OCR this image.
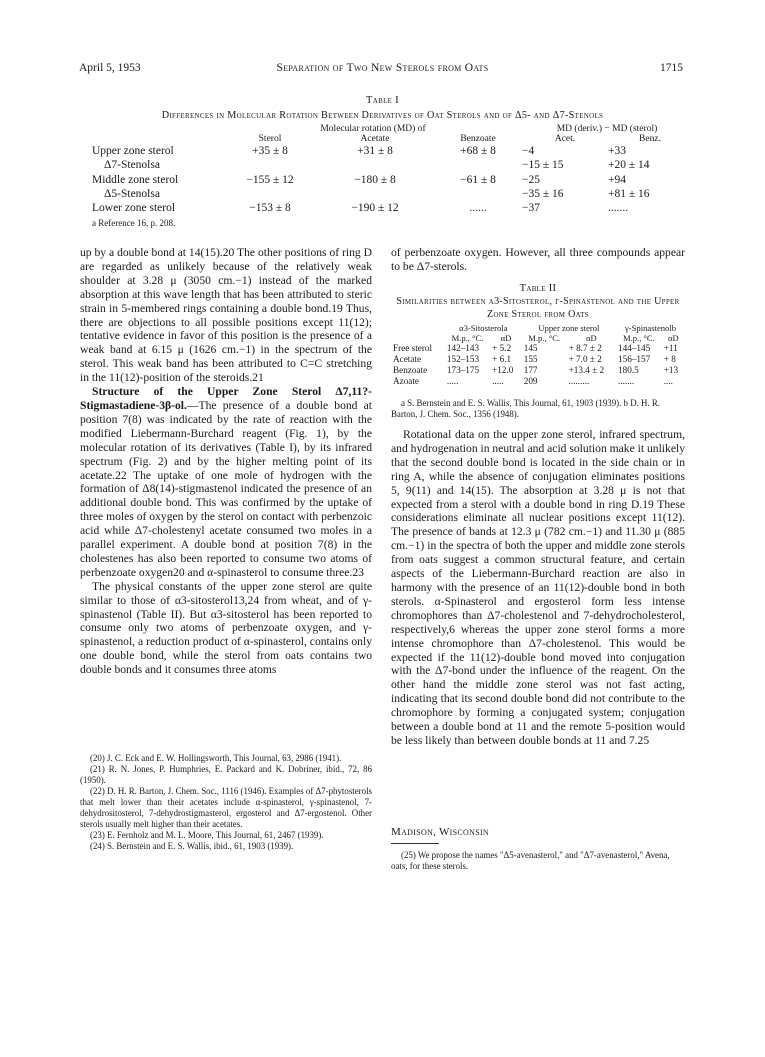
April 5, 1953	Separation of Two New Sterols from Oats	1715
Table I
Differences in Molecular Rotation Between Derivatives of Oat Sterols and of Δ5- and Δ7-Stenols
	Molecular rotation (MD) of			MD (deriv.) − MD (sterol)	
	Sterol	Acetate	Benzoate	Acet.	Benz.
Upper zone sterol	+35 ± 8	+31 ± 8	+68 ± 8	−4	+33
Δ7-Stenolsa				−15 ± 15	+20 ± 14
Middle zone sterol	−155 ± 12	−180 ± 8	−61 ± 8	−25	+94
Δ5-Stenolsa				−35 ± 16	+81 ± 16
Lower zone sterol	−153 ± 8	−190 ± 12	......	−37	.......
a Reference 16, p. 208.					

up by a double bond at 14(15).20 The other positions of ring D are regarded as unlikely because of the relatively weak shoulder at 3.28 μ (3050 cm.−1) instead of the marked absorption at this wave length that has been attributed to steric strain in 5-membered rings containing a double bond.19 Thus, there are objections to all possible positions except 11(12); tentative evidence in favor of this position is the presence of a weak band at 6.15 μ (1626 cm.−1) in the spectrum of the sterol. This weak band has been attributed to C=C stretching in the 11(12)-position of the steroids.21

Structure of the Upper Zone Sterol Δ7,11?-Stigmastadiene-3β-ol.—The presence of a double bond at position 7(8) was indicated by the rate of reaction with the modified Liebermann-Burchard reagent (Fig. 1), by the molecular rotation of its derivatives (Table I), by its infrared spectrum (Fig. 2) and by the higher melting point of its acetate.22 The uptake of one mole of hydrogen with the formation of Δ8(14)-stigmastenol indicated the presence of an additional double bond. This was confirmed by the uptake of three moles of oxygen by the sterol on contact with perbenzoic acid while Δ7-cholestenyl acetate consumed two moles in a parallel experiment. A double bond at position 7(8) in the cholestenes has also been reported to consume two atoms of perbenzoate oxygen20 and α-spinasterol to consume three.23

The physical constants of the upper zone sterol are quite similar to those of α3-sitosterol13,24 from wheat, and of γ-spinastenol (Table II). But α3-sitosterol has been reported to consume only two atoms of perbenzoate oxygen, and γ-spinastenol, a reduction product of α-spinasterol, contains only one double bond, while the sterol from oats contains two double bonds and it consumes three atoms

(20) J. C. Eck and E. W. Hollingsworth, This Journal, 63, 2986 (1941).

(21) R. N. Jones, P. Humphries, E. Packard and K. Dobriner, ibid., 72, 86 (1950).

(22) D. H. R. Barton, J. Chem. Soc., 1116 (1946). Examples of Δ7-phytosterols that melt lower than their acetates include α-spinasterol, γ-spinastenol, 7-dehydrositosterol, 7-dehydrostigmasterol, ergosterol and Δ7-ergostenol. Other sterols usually melt higher than their acetates.

(23) E. Fernholz and M. L. Moore, This Journal, 61, 2467 (1939).

(24) S. Bernstein and E. S. Wallis, ibid., 61, 1903 (1939).

of perbenzoate oxygen. However, all three compounds appear to be Δ7-sterols.

Table II
Similarities between α3-Sitosterol, γ-Spinastenol and the Upper Zone Sterol from Oats
	α3-Sitosterola		Upper zone sterol		γ-Spinastenolb	
	M.p., °C.	αD	M.p., °C.	αD	M.p., °C.	αD
Free sterol	142–143	+ 5.2	145	+ 8.7 ± 2	144–145	+11
Acetate	152–153	+ 6.1	155	+ 7.0 ± 2	156–157	+ 8
Benzoate	173–175	+12.0	177	+13.4 ± 2	180.5	+13
Azoate	.....	.....	209	.........	.......	....
a S. Bernstein and E. S. Wallis, This Journal, 61, 1903 (1939). b D. H. R. Barton, J. Chem. Soc., 1356 (1948).

Rotational data on the upper zone sterol, infrared spectrum, and hydrogenation in neutral and acid solution make it unlikely that the second double bond is located in the side chain or in ring A, while the absence of conjugation eliminates positions 5, 9(11) and 14(15). The absorption at 3.28 μ is not that expected from a sterol with a double bond in ring D.19 These considerations eliminate all nuclear positions except 11(12). The presence of bands at 12.3 μ (782 cm.−1) and 11.30 μ (885 cm.−1) in the spectra of both the upper and middle zone sterols from oats suggest a common structural feature, and certain aspects of the Liebermann-Burchard reaction are also in harmony with the presence of an 11(12)-double bond in both sterols. α-Spinasterol and ergosterol form less intense chromophores than Δ7-cholestenol and 7-dehydrocholesterol, respectively,6 whereas the upper zone sterol forms a more intense chromophore than Δ7-cholestenol. This would be expected if the 11(12)-double bond moved into conjugation with the Δ7-bond under the influence of the reagent. On the other hand the middle zone sterol was not fast acting, indicating that its second double bond did not contribute to the chromophore by forming a conjugated system; conjugation between a double bond at 11 and the remote 5-position would be less likely than between double bonds at 11 and 7.25

Madison, Wisconsin
(25) We propose the names "Δ5-avenasterol," and "Δ7-avenasterol," Avena, oats, for these sterols.
